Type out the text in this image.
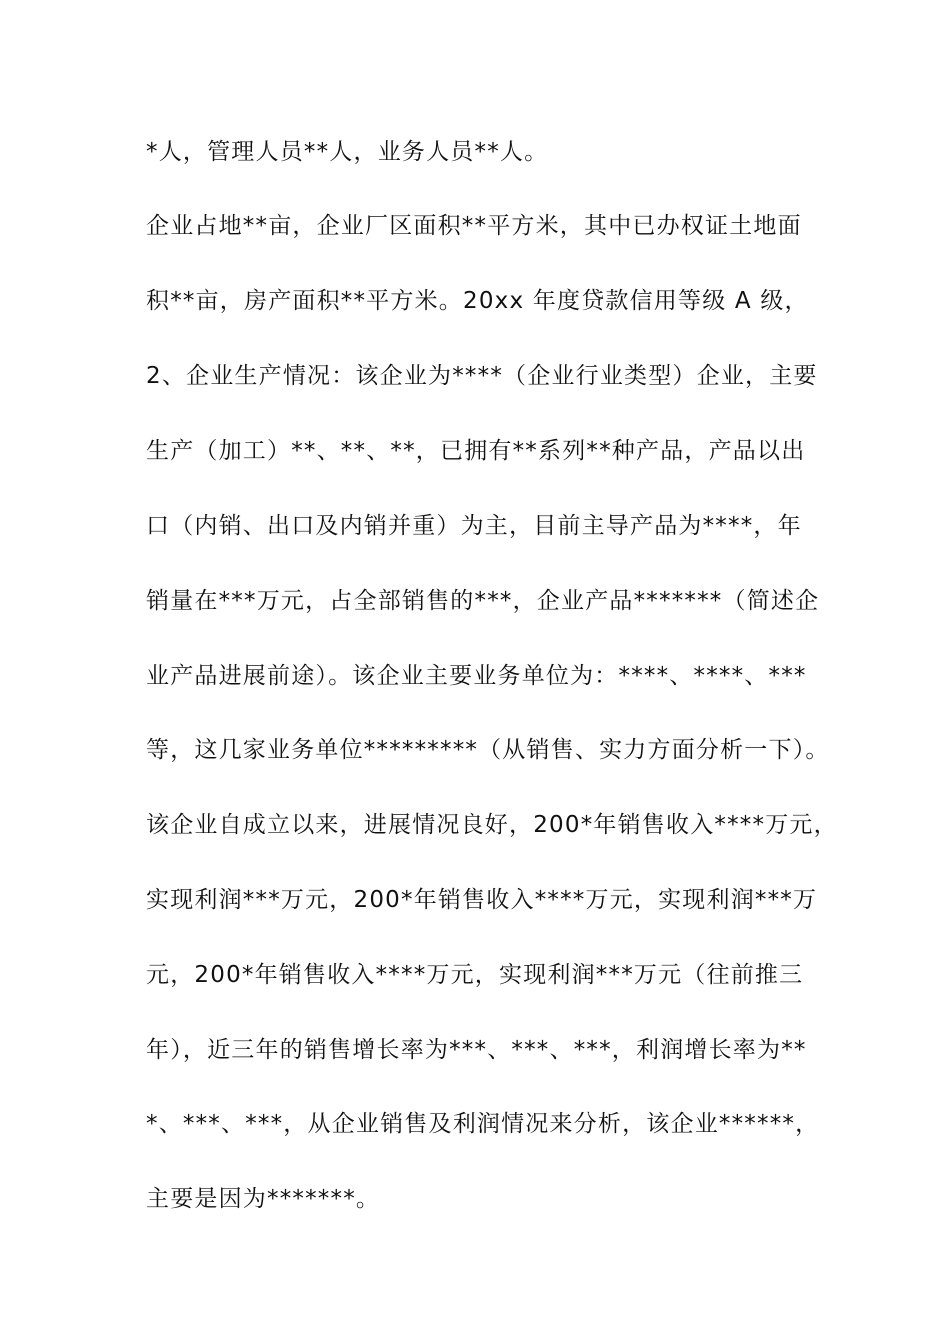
*人，管理人员**人，业务人员**人。
企业占地**亩，企业厂区面积**平方米，其中已办权证土地面
积**亩，房产面积**平方米。20xx 年度贷款信用等级 A 级，
2、企业生产情况：该企业为****（企业行业类型）企业，主要
生产（加工）**、**、**，已拥有**系列**种产品，产品以出
口（内销、出口及内销并重）为主，目前主导产品为****，年
销量在***万元，占全部销售的***，企业产品*******（简述企
业产品进展前途）。该企业主要业务单位为：****、****、***
等，这几家业务单位*********（从销售、实力方面分析一下）。
该企业自成立以来，进展情况良好，200*年销售收入****万元，
实现利润***万元，200*年销售收入****万元，实现利润***万
元，200*年销售收入****万元，实现利润***万元（往前推三
年），近三年的销售增长率为***、***、***，利润增长率为**
*、***、***，从企业销售及利润情况来分析，该企业******，
主要是因为*******。
